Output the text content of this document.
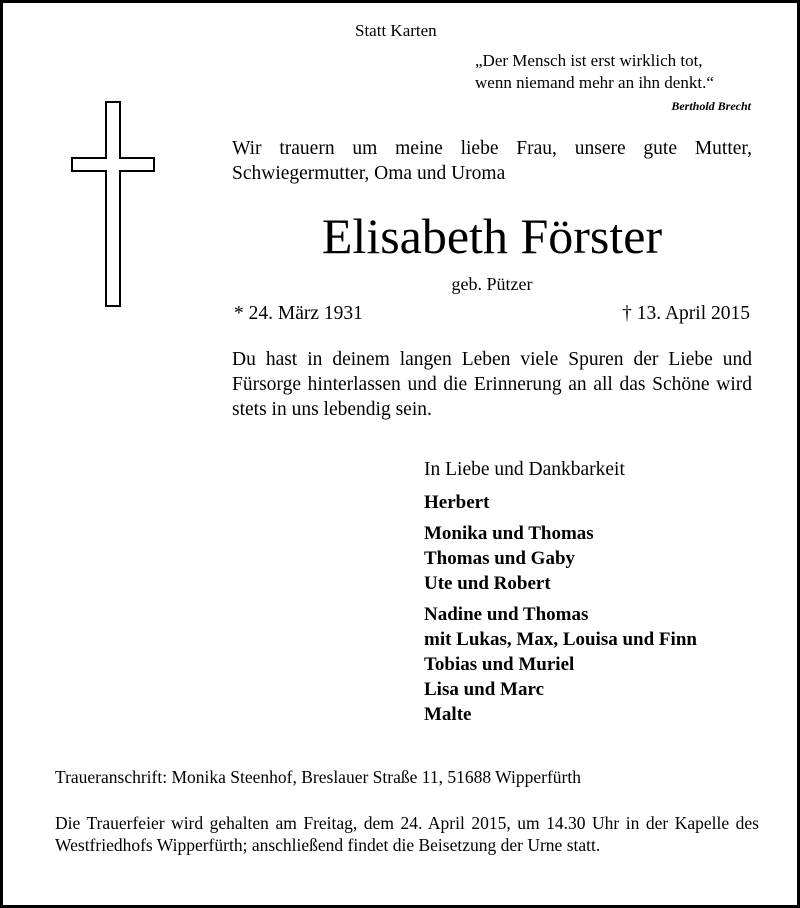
Statt Karten

„Der Mensch ist erst wirklich tot,
wenn niemand mehr an ihn denkt.“

Berthold Brecht

Wir trauern um meine liebe Frau, unsere gute Mutter, Schwiegermutter, Oma und Uroma

Elisabeth Förster

geb. Pützer

* 24. März 1931	† 13. April 2015

Du hast in deinem langen Leben viele Spuren der Liebe und Fürsorge hinterlassen und die Erinnerung an all das Schöne wird stets in uns lebendig sein.

In Liebe und Dankbarkeit

Herbert
Monika und Thomas
Thomas und Gaby
Ute und Robert
Nadine und Thomas
mit Lukas, Max, Louisa und Finn
Tobias und Muriel
Lisa und Marc
Malte

Traueranschrift: Monika Steenhof, Breslauer Straße 11, 51688 Wipperfürth

Die Trauerfeier wird gehalten am Freitag, dem 24. April 2015, um 14.30 Uhr in der Kapelle des Westfriedhofs Wipperfürth; anschließend findet die Beisetzung der Urne statt.
